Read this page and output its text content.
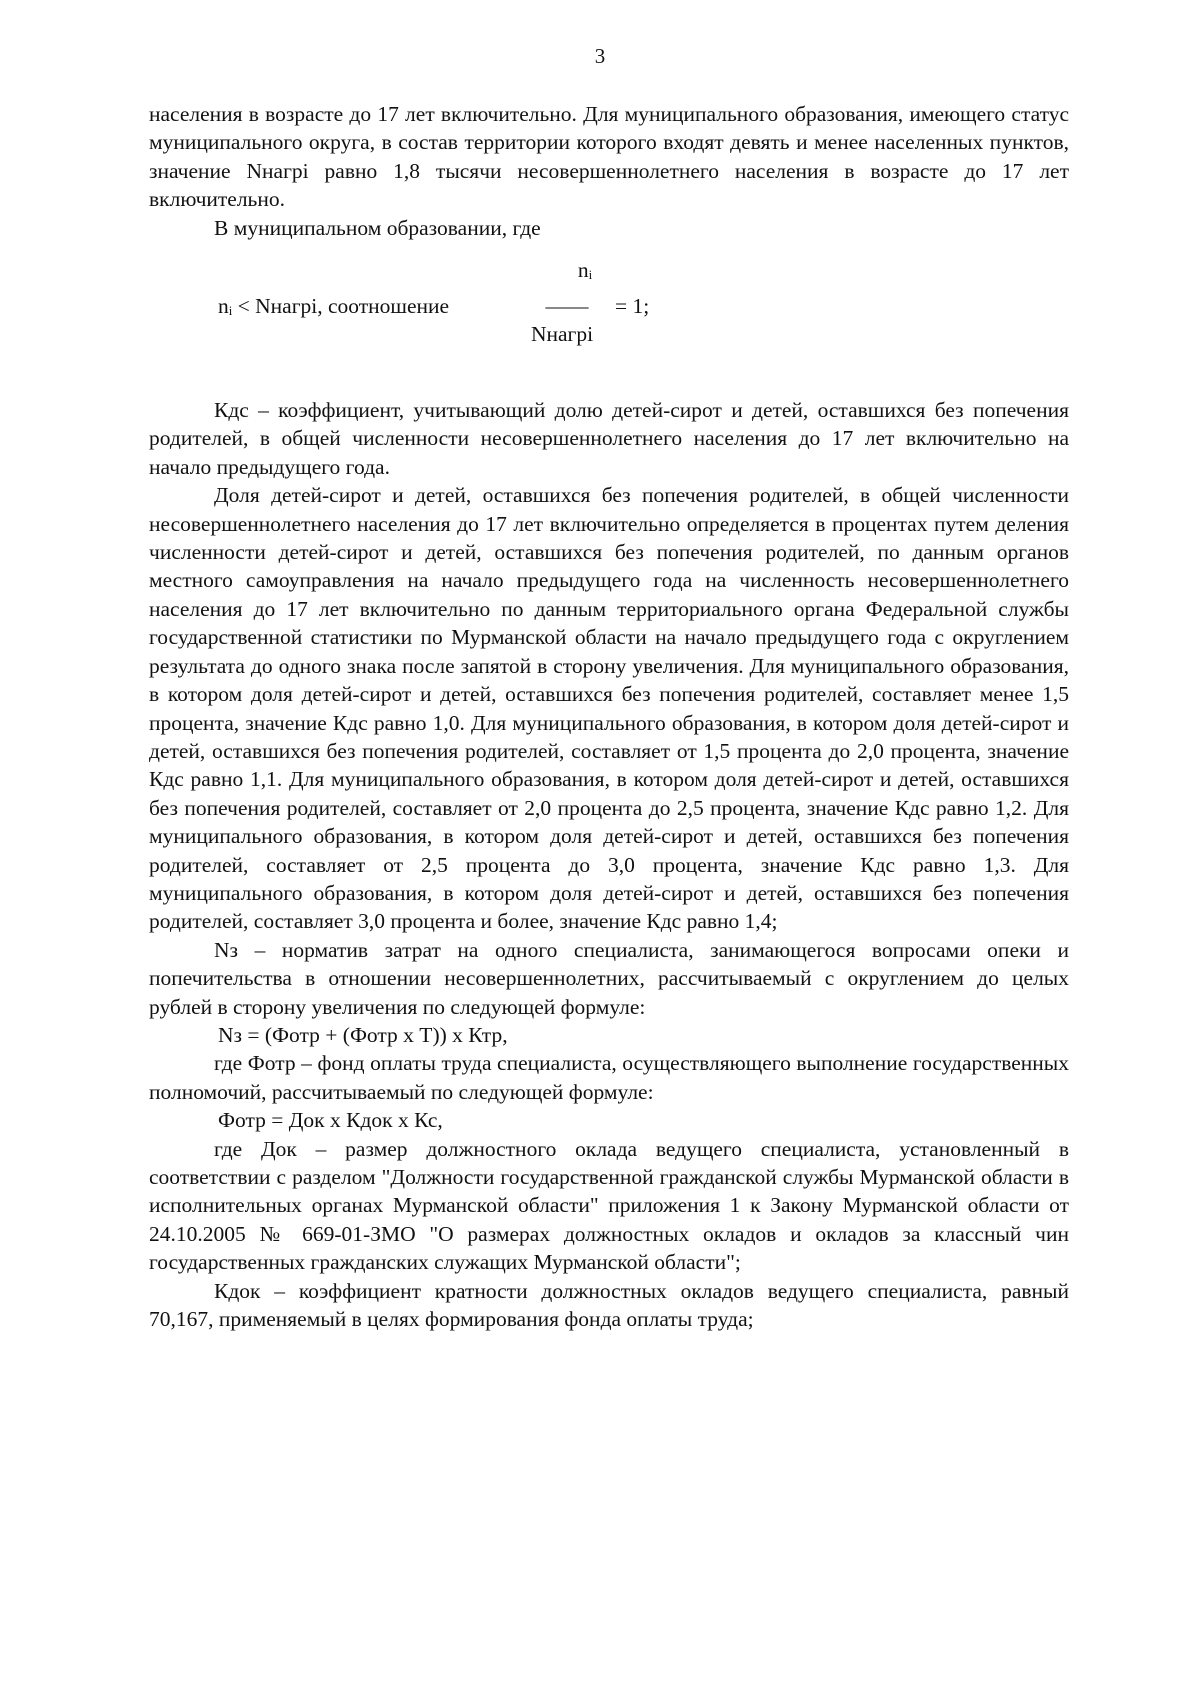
3

населения в возрасте до 17 лет включительно. Для муниципального образования, имеющего статус муниципального округа, в состав территории которого входят девять и менее населенных пунктов, значение Nнагрі равно 1,8 тысячи несовершеннолетнего населения в возрасте до 17 лет включительно.

В муниципальном образовании, где

nᵢ < Nнагрі, соотношение
nᵢ
——	= 1;
Nнагрі

Кдс – коэффициент, учитывающий долю детей-сирот и детей, оставшихся без попечения родителей, в общей численности несовершеннолетнего населения до 17 лет включительно на начало предыдущего года.

Доля детей-сирот и детей, оставшихся без попечения родителей, в общей численности несовершеннолетнего населения до 17 лет включительно определяется в процентах путем деления численности детей-сирот и детей, оставшихся без попечения родителей, по данным органов местного самоуправления на начало предыдущего года на численность несовершеннолетнего населения до 17 лет включительно по данным территориального органа Федеральной службы государственной статистики по Мурманской области на начало предыдущего года с округлением результата до одного знака после запятой в сторону увеличения. Для муниципального образования, в котором доля детей-сирот и детей, оставшихся без попечения родителей, составляет менее 1,5 процента, значение Кдс равно 1,0. Для муниципального образования, в котором доля детей-сирот и детей, оставшихся без попечения родителей, составляет от 1,5 процента до 2,0 процента, значение Кдс равно 1,1. Для муниципального образования, в котором доля детей-сирот и детей, оставшихся без попечения родителей, составляет от 2,0 процента до 2,5 процента, значение Кдс равно 1,2. Для муниципального образования, в котором доля детей-сирот и детей, оставшихся без попечения родителей, составляет от 2,5 процента до 3,0 процента, значение Кдс равно 1,3. Для муниципального образования, в котором доля детей-сирот и детей, оставшихся без попечения родителей, составляет 3,0 процента и более, значение Кдс равно 1,4;

Nз – норматив затрат на одного специалиста, занимающегося вопросами опеки и попечительства в отношении несовершеннолетних, рассчитываемый с округлением до целых рублей в сторону увеличения по следующей формуле:

Nз = (Фотр + (Фотр х Т)) х Ктр,

где Фотр – фонд оплаты труда специалиста, осуществляющего выполнение государственных полномочий, рассчитываемый по следующей формуле:

Фотр = Док х Кдок х Кс,

где Док – размер должностного оклада ведущего специалиста, установленный в соответствии с разделом "Должности государственной гражданской службы Мурманской области в исполнительных органах Мурманской области" приложения 1 к Закону Мурманской области от 24.10.2005 № 669-01-ЗМО "О размерах должностных окладов и окладов за классный чин государственных гражданских служащих Мурманской области";

Кдок – коэффициент кратности должностных окладов ведущего специалиста, равный 70,167, применяемый в целях формирования фонда оплаты труда;
